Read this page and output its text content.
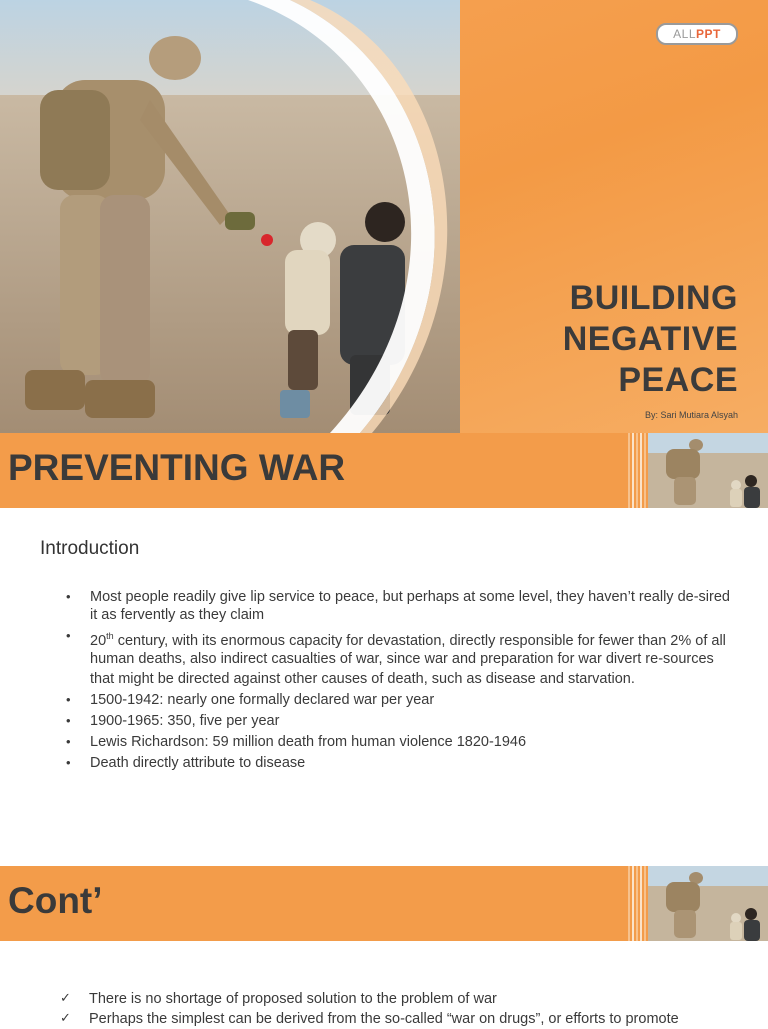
ALLPPT
BUILDING
NEGATIVE
PEACE
By: Sari Mutiara Alsyah
PREVENTING WAR
Introduction
• Most people readily give lip service to peace, but perhaps at some level, they haven’t really de-sired it as fervently as they claim
• 20th century, with its enormous capacity for devastation, directly responsible for fewer than 2% of all human deaths, also indirect casualties of war, since war and preparation for war divert re-sources
that might be directed against other causes of death, such as disease and starvation.
• 1500-1942: nearly one formally declared war per year
• 1900-1965: 350, five per year
• Lewis Richardson: 59 million death from human violence 1820-1946
• Death directly attribute to disease
Cont’
✓ There is no shortage of proposed solution to the problem of war
✓ Perhaps the simplest can be derived from the so-called “war on drugs”, or efforts to promote
